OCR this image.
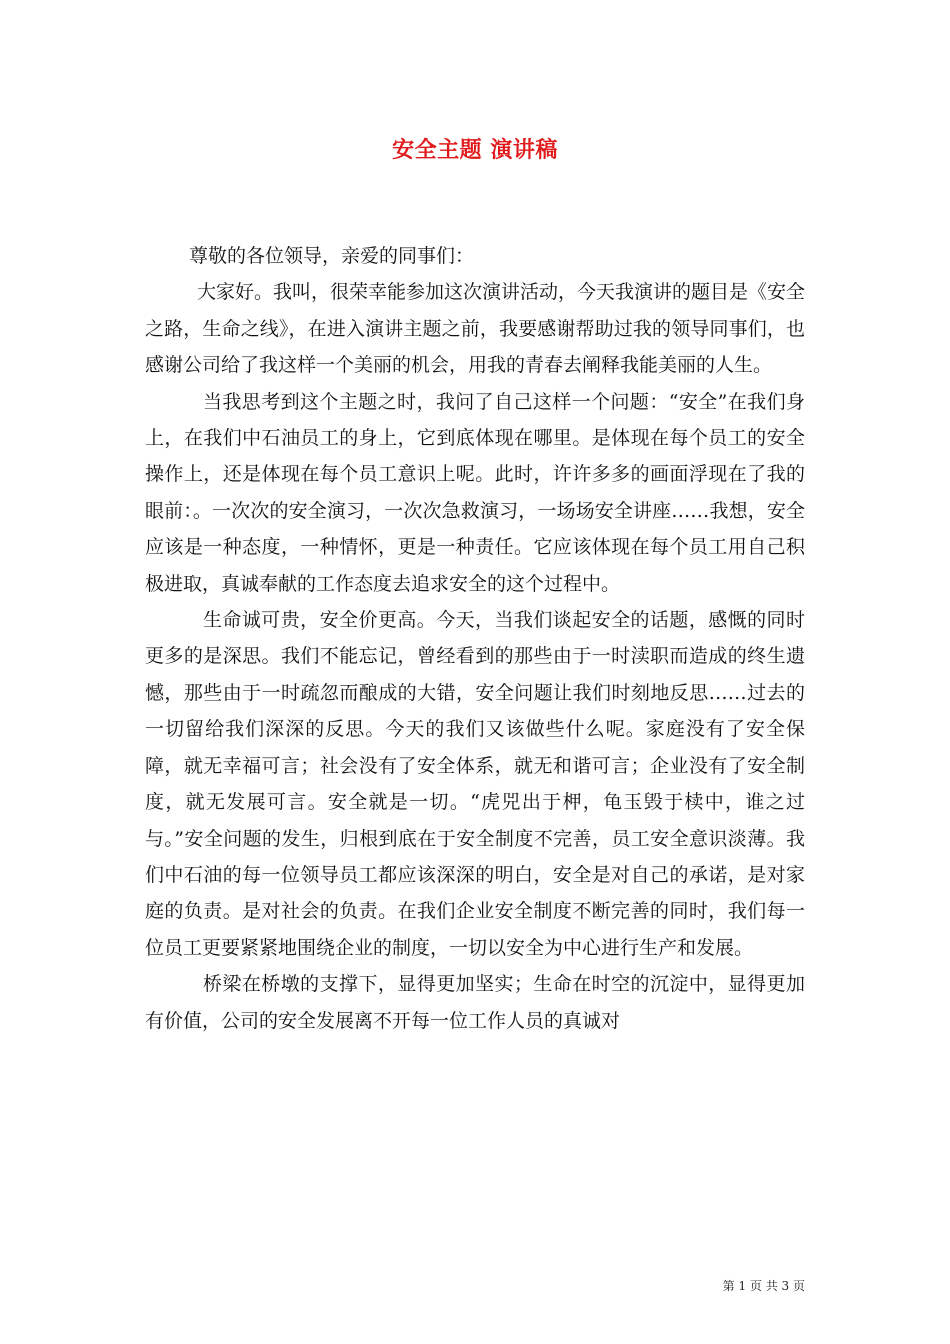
安全主题 演讲稿

尊敬的各位领导，亲爱的同事们：

大家好。我叫，很荣幸能参加这次演讲活动，今天我演讲的题目是《安全之路，生命之线》，在进入演讲主题之前，我要感谢帮助过我的领导同事们，也感谢公司给了我这样一个美丽的机会，用我的青春去阐释我能美丽的人生。

当我思考到这个主题之时，我问了自己这样一个问题：“安全”在我们身上，在我们中石油员工的身上，它到底体现在哪里。是体现在每个员工的安全操作上，还是体现在每个员工意识上呢。此时，许许多多的画面浮现在了我的眼前：。一次次的安全演习，一次次急救演习，一场场安全讲座……我想，安全应该是一种态度，一种情怀，更是一种责任。它应该体现在每个员工用自己积极进取，真诚奉献的工作态度去追求安全的这个过程中。

生命诚可贵，安全价更高。今天，当我们谈起安全的话题，感慨的同时更多的是深思。我们不能忘记，曾经看到的那些由于一时渎职而造成的终生遗憾，那些由于一时疏忽而酿成的大错，安全问题让我们时刻地反思……过去的一切留给我们深深的反思。今天的我们又该做些什么呢。家庭没有了安全保障，就无幸福可言；社会没有了安全体系，就无和谐可言；企业没有了安全制度，就无发展可言。安全就是一切。“虎兕出于柙，龟玉毁于椟中，谁之过与。”安全问题的发生，归根到底在于安全制度不完善，员工安全意识淡薄。我们中石油的每一位领导员工都应该深深的明白，安全是对自己的承诺，是对家庭的负责。是对社会的负责。在我们企业安全制度不断完善的同时，我们每一位员工更要紧紧地围绕企业的制度，一切以安全为中心进行生产和发展。

桥梁在桥墩的支撑下，显得更加坚实；生命在时空的沉淀中，显得更加有价值，公司的安全发展离不开每一位工作人员的真诚对

第 1 页 共 3 页
